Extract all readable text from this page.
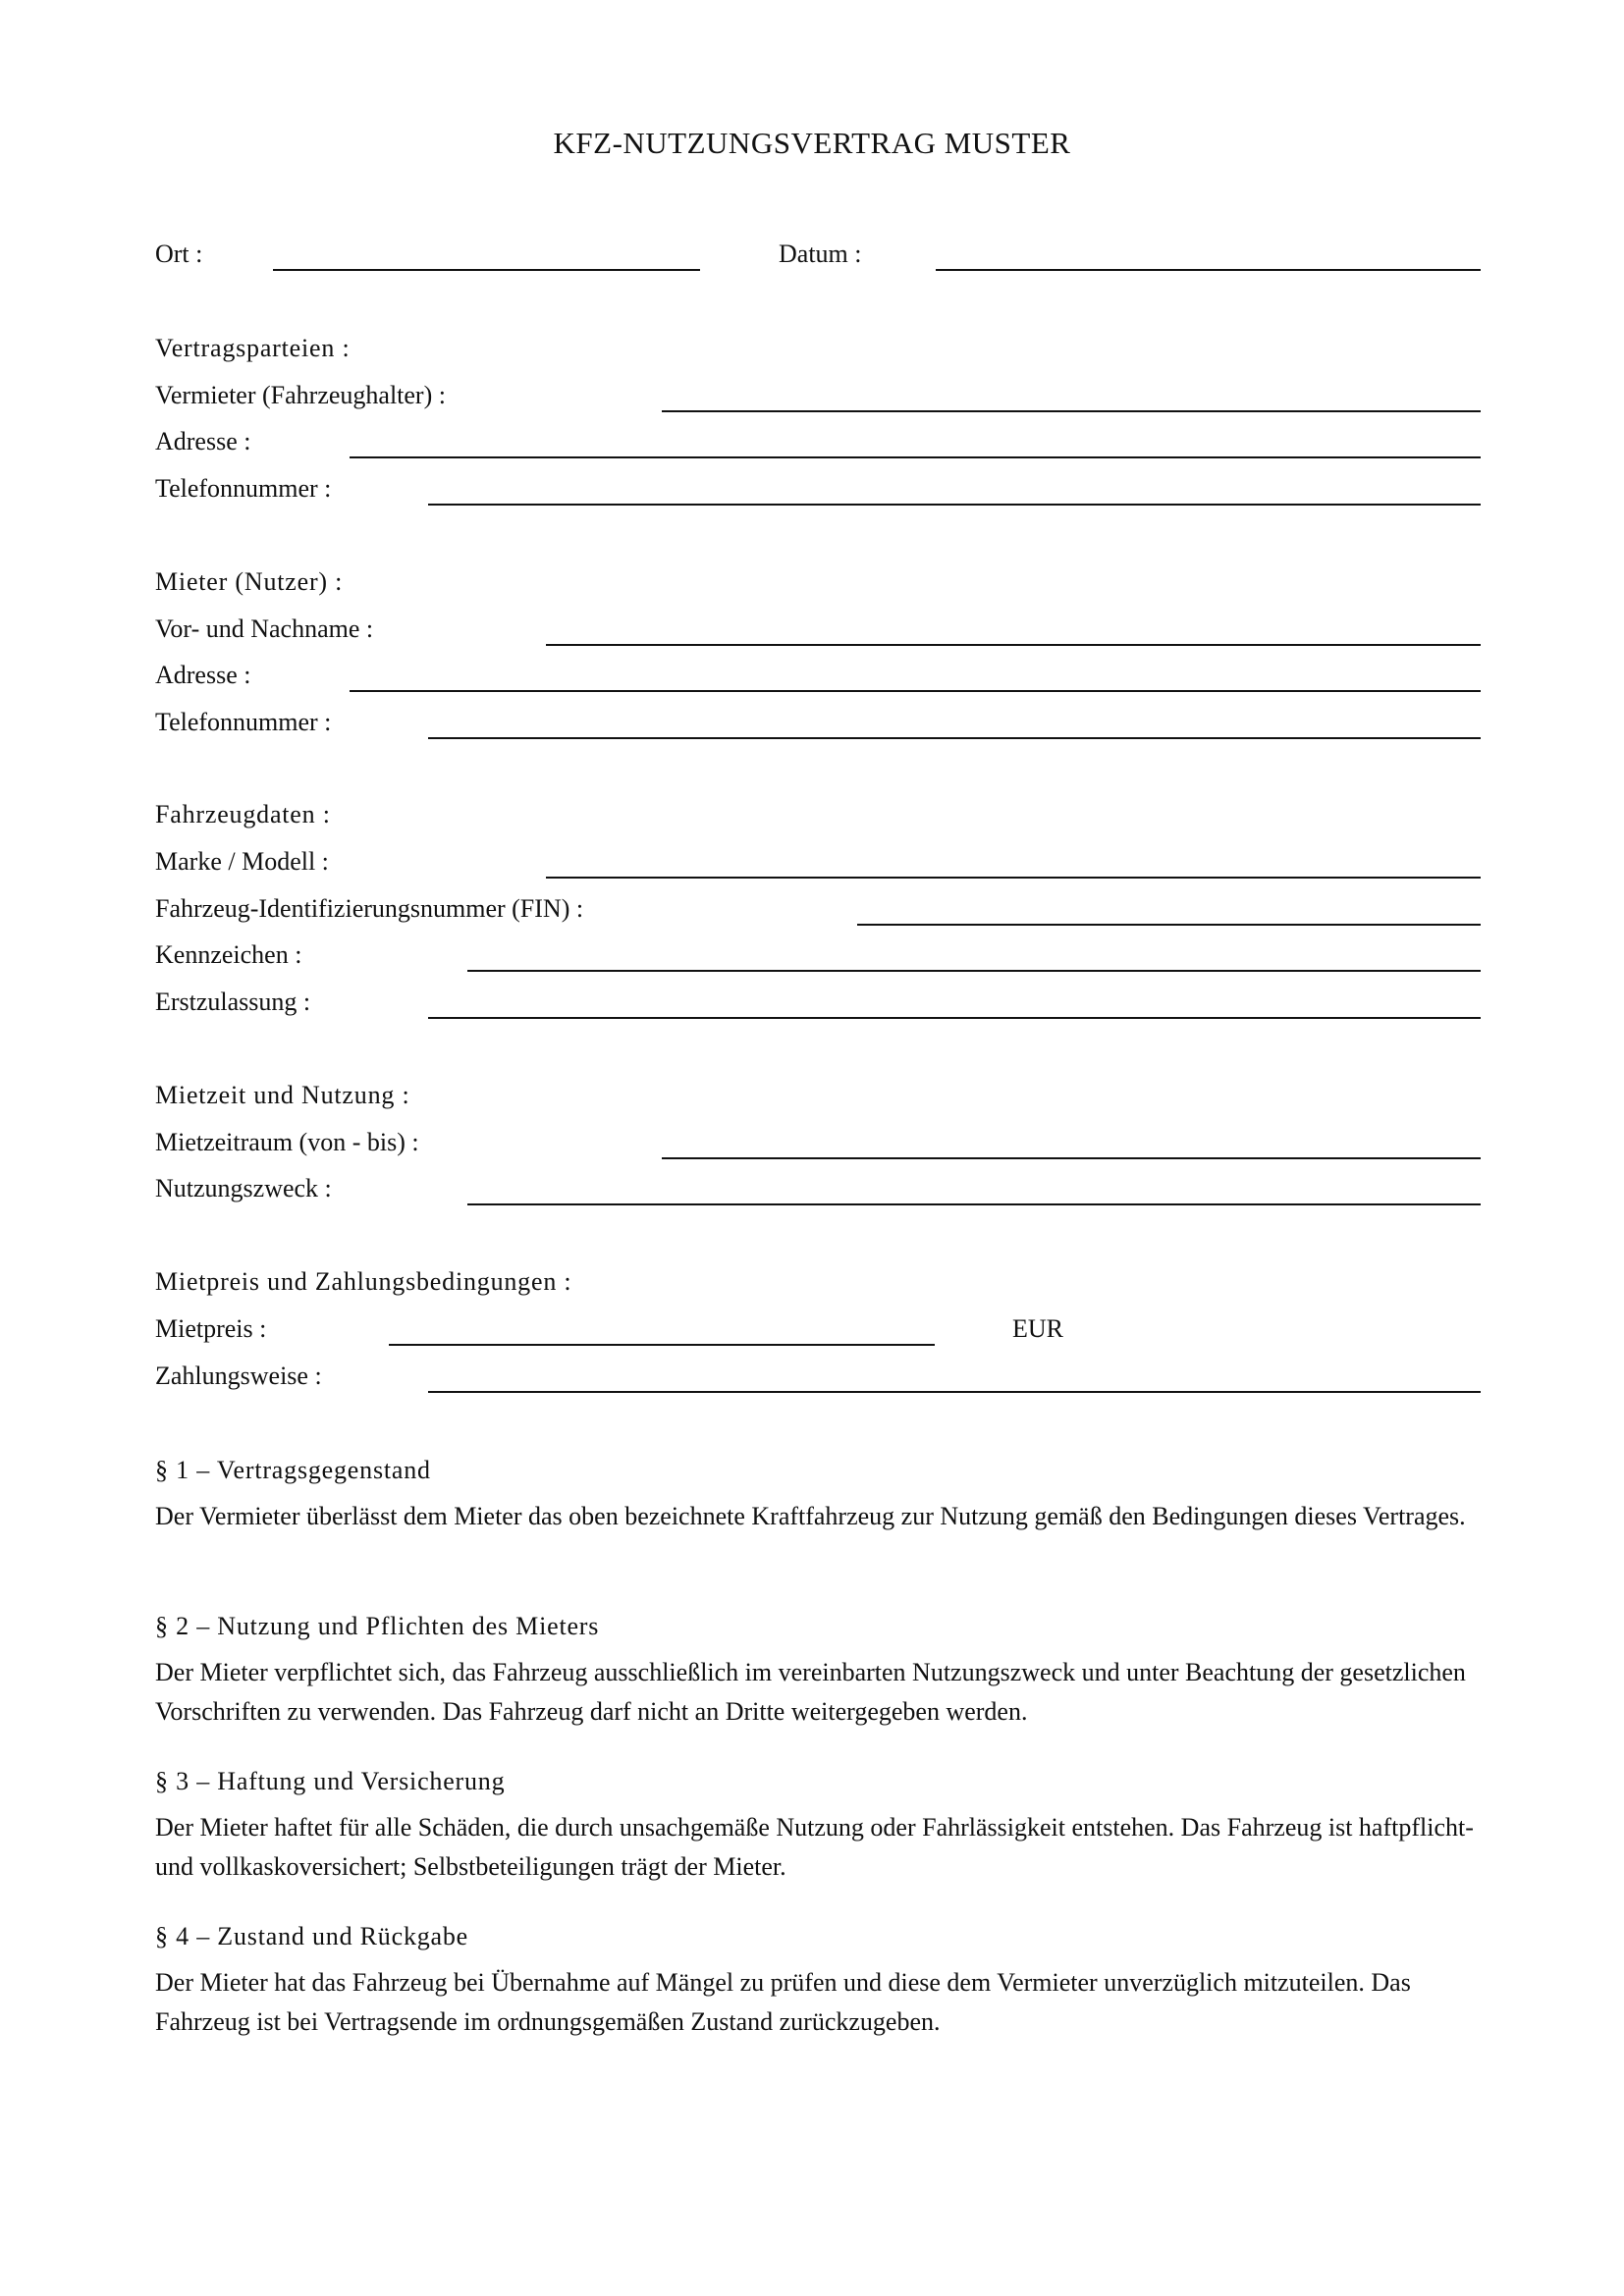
KFZ-NUTZUNGSVERTRAG MUSTER
Ort :	Datum :
Vertragsparteien :
Vermieter (Fahrzeughalter) :
Adresse :
Telefonnummer :
Mieter (Nutzer) :
Vor- und Nachname :
Adresse :
Telefonnummer :
Fahrzeugdaten :
Marke / Modell :
Fahrzeug-Identifizierungsnummer (FIN) :
Kennzeichen :
Erstzulassung :
Mietzeit und Nutzung :
Mietzeitraum (von - bis) :
Nutzungszweck :
Mietpreis und Zahlungsbedingungen :
Mietpreis :	EUR
Zahlungsweise :
§ 1 – Vertragsgegenstand
Der Vermieter überlässt dem Mieter das oben bezeichnete Kraftfahrzeug zur Nutzung gemäß den Bedingungen dieses Vertrages.
§ 2 – Nutzung und Pflichten des Mieters
Der Mieter verpflichtet sich, das Fahrzeug ausschließlich im vereinbarten Nutzungszweck und unter Beachtung der gesetzlichen Vorschriften zu verwenden. Das Fahrzeug darf nicht an Dritte weitergegeben werden.
§ 3 – Haftung und Versicherung
Der Mieter haftet für alle Schäden, die durch unsachgemäße Nutzung oder Fahrlässigkeit entstehen. Das Fahrzeug ist haftpflicht- und vollkaskoversichert; Selbstbeteiligungen trägt der Mieter.
§ 4 – Zustand und Rückgabe
Der Mieter hat das Fahrzeug bei Übernahme auf Mängel zu prüfen und diese dem Vermieter unverzüglich mitzuteilen. Das Fahrzeug ist bei Vertragsende im ordnungsgemäßen Zustand zurückzugeben.
